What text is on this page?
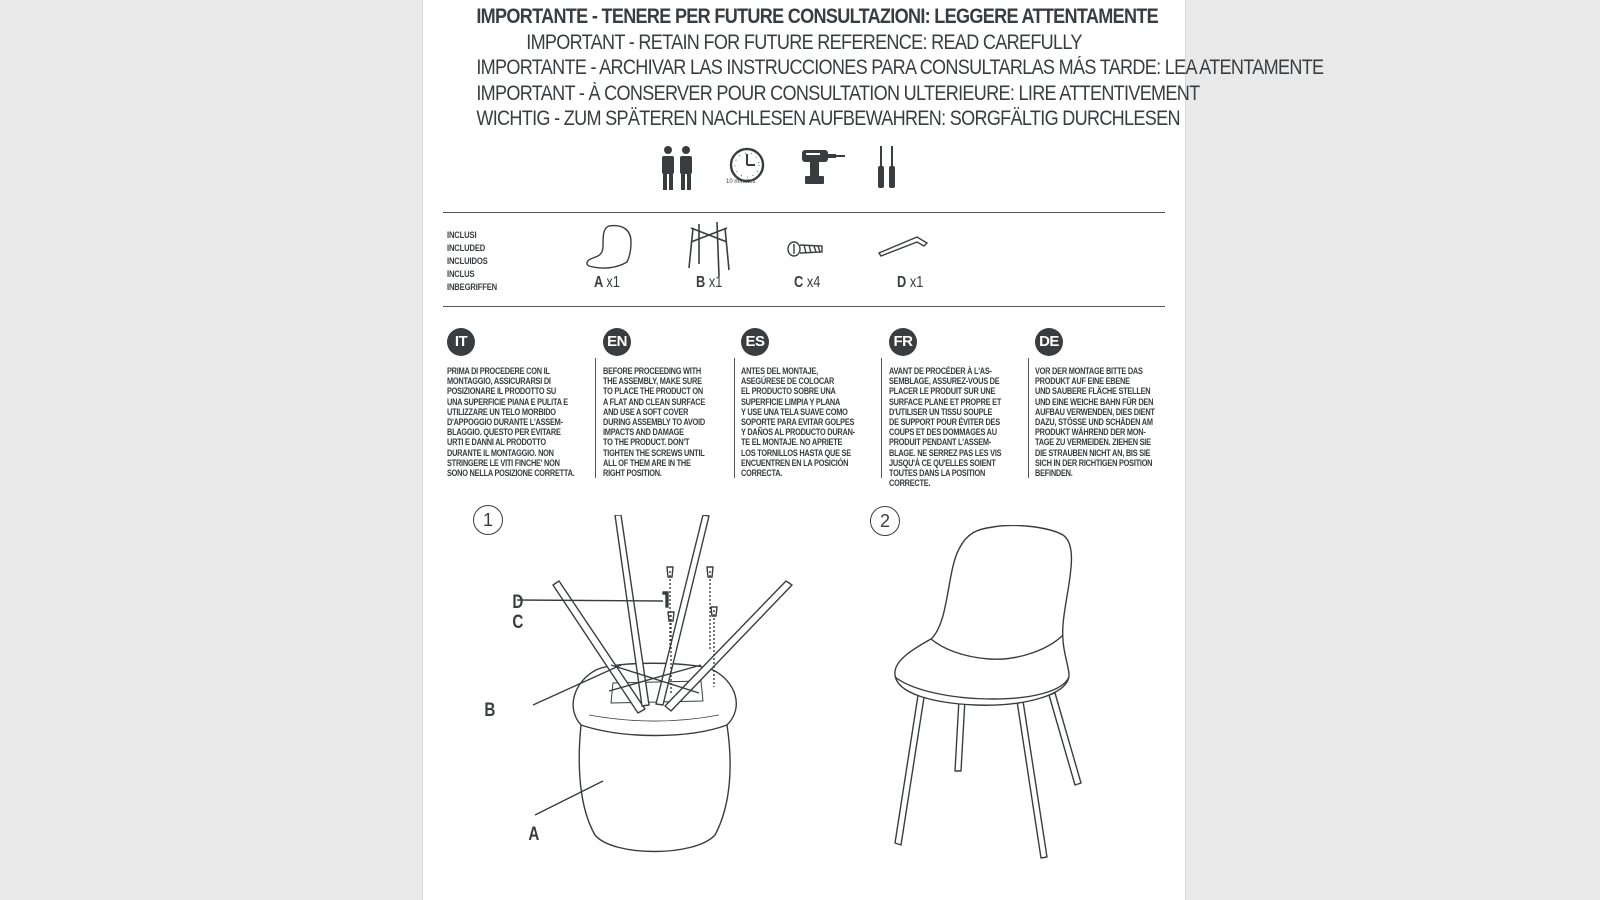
IMPORTANTE - TENERE PER FUTURE CONSULTAZIONI: LEGGERE ATTENTAMENTE
IMPORTANT - RETAIN FOR FUTURE REFERENCE: READ CAREFULLY
IMPORTANTE - ARCHIVAR LAS INSTRUCCIONES PARA CONSULTARLAS MÁS TARDE: LEA ATENTAMENTE
IMPORTANT - À CONSERVER POUR CONSULTATION ULTERIEURE: LIRE ATTENTIVEMENT
WICHTIG - ZUM SPÄTEREN NACHLESEN AUFBEWAHREN: SORGFÄLTIG DURCHLESEN
10 minutes
INCLUSI
INCLUDED
INCLUIDOS
INCLUS
INBEGRIFFEN	A x1	B x1	C x4	D x1
IT
PRIMA DI PROCEDERE CON IL
MONTAGGIO, ASSICURARSI DI
POSIZIONARE IL PRODOTTO SU
UNA SUPERFICIE PIANA E PULITA E
UTILIZZARE UN TELO MORBIDO
D'APPOGGIO DURANTE L'ASSEM-
BLAGGIO. QUESTO PER EVITARE
URTI E DANNI AL PRODOTTO
DURANTE IL MONTAGGIO. NON
STRINGERE LE VITI FINCHE' NON
SONO NELLA POSIZIONE CORRETTA.
EN
BEFORE PROCEEDING WITH
THE ASSEMBLY, MAKE SURE
TO PLACE THE PRODUCT ON
A FLAT AND CLEAN SURFACE
AND USE A SOFT COVER
DURING ASSEMBLY TO AVOID
IMPACTS AND DAMAGE
TO THE PRODUCT. DON'T
TIGHTEN THE SCREWS UNTIL
ALL OF THEM ARE IN THE
RIGHT POSITION.
ES
ANTES DEL MONTAJE,
ASEGÚRESE DE COLOCAR
EL PRODUCTO SOBRE UNA
SUPERFICIE LIMPIA Y PLANA
Y USE UNA TELA SUAVE COMO
SOPORTE PARA EVITAR GOLPES
Y DAÑOS AL PRODUCTO DURAN-
TE EL MONTAJE. NO APRIETE
LOS TORNILLOS HASTA QUE SE
ENCUENTREN EN LA POSICIÓN
CORRECTA.
FR
AVANT DE PROCÉDER À L'AS-
SEMBLAGE, ASSUREZ-VOUS DE
PLACER LE PRODUIT SUR UNE
SURFACE PLANE ET PROPRE ET
D'UTILISER UN TISSU SOUPLE
DE SUPPORT POUR ÉVITER DES
COUPS ET DES DOMMAGES AU
PRODUIT PENDANT L'ASSEM-
BLAGE. NE SERREZ PAS LES VIS
JUSQU'À CE QU'ELLES SOIENT
TOUTES DANS LA POSITION
CORRECTE.
DE
VOR DER MONTAGE BITTE DAS
PRODUKT AUF EINE EBENE
UND SAUBERE FLÄCHE STELLEN
UND EINE WEICHE BAHN FÜR DEN
AUFBAU VERWENDEN, DIES DIENT
DAZU, STÖSSE UND SCHÄDEN AM
PRODUKT WÄHREND DER MON-
TAGE ZU VERMEIDEN. ZIEHEN SIE
DIE STRAUBEN NICHT AN, BIS SIE
SICH IN DER RICHTIGEN POSITION
BEFINDEN.
1
D
C
B
A
2
